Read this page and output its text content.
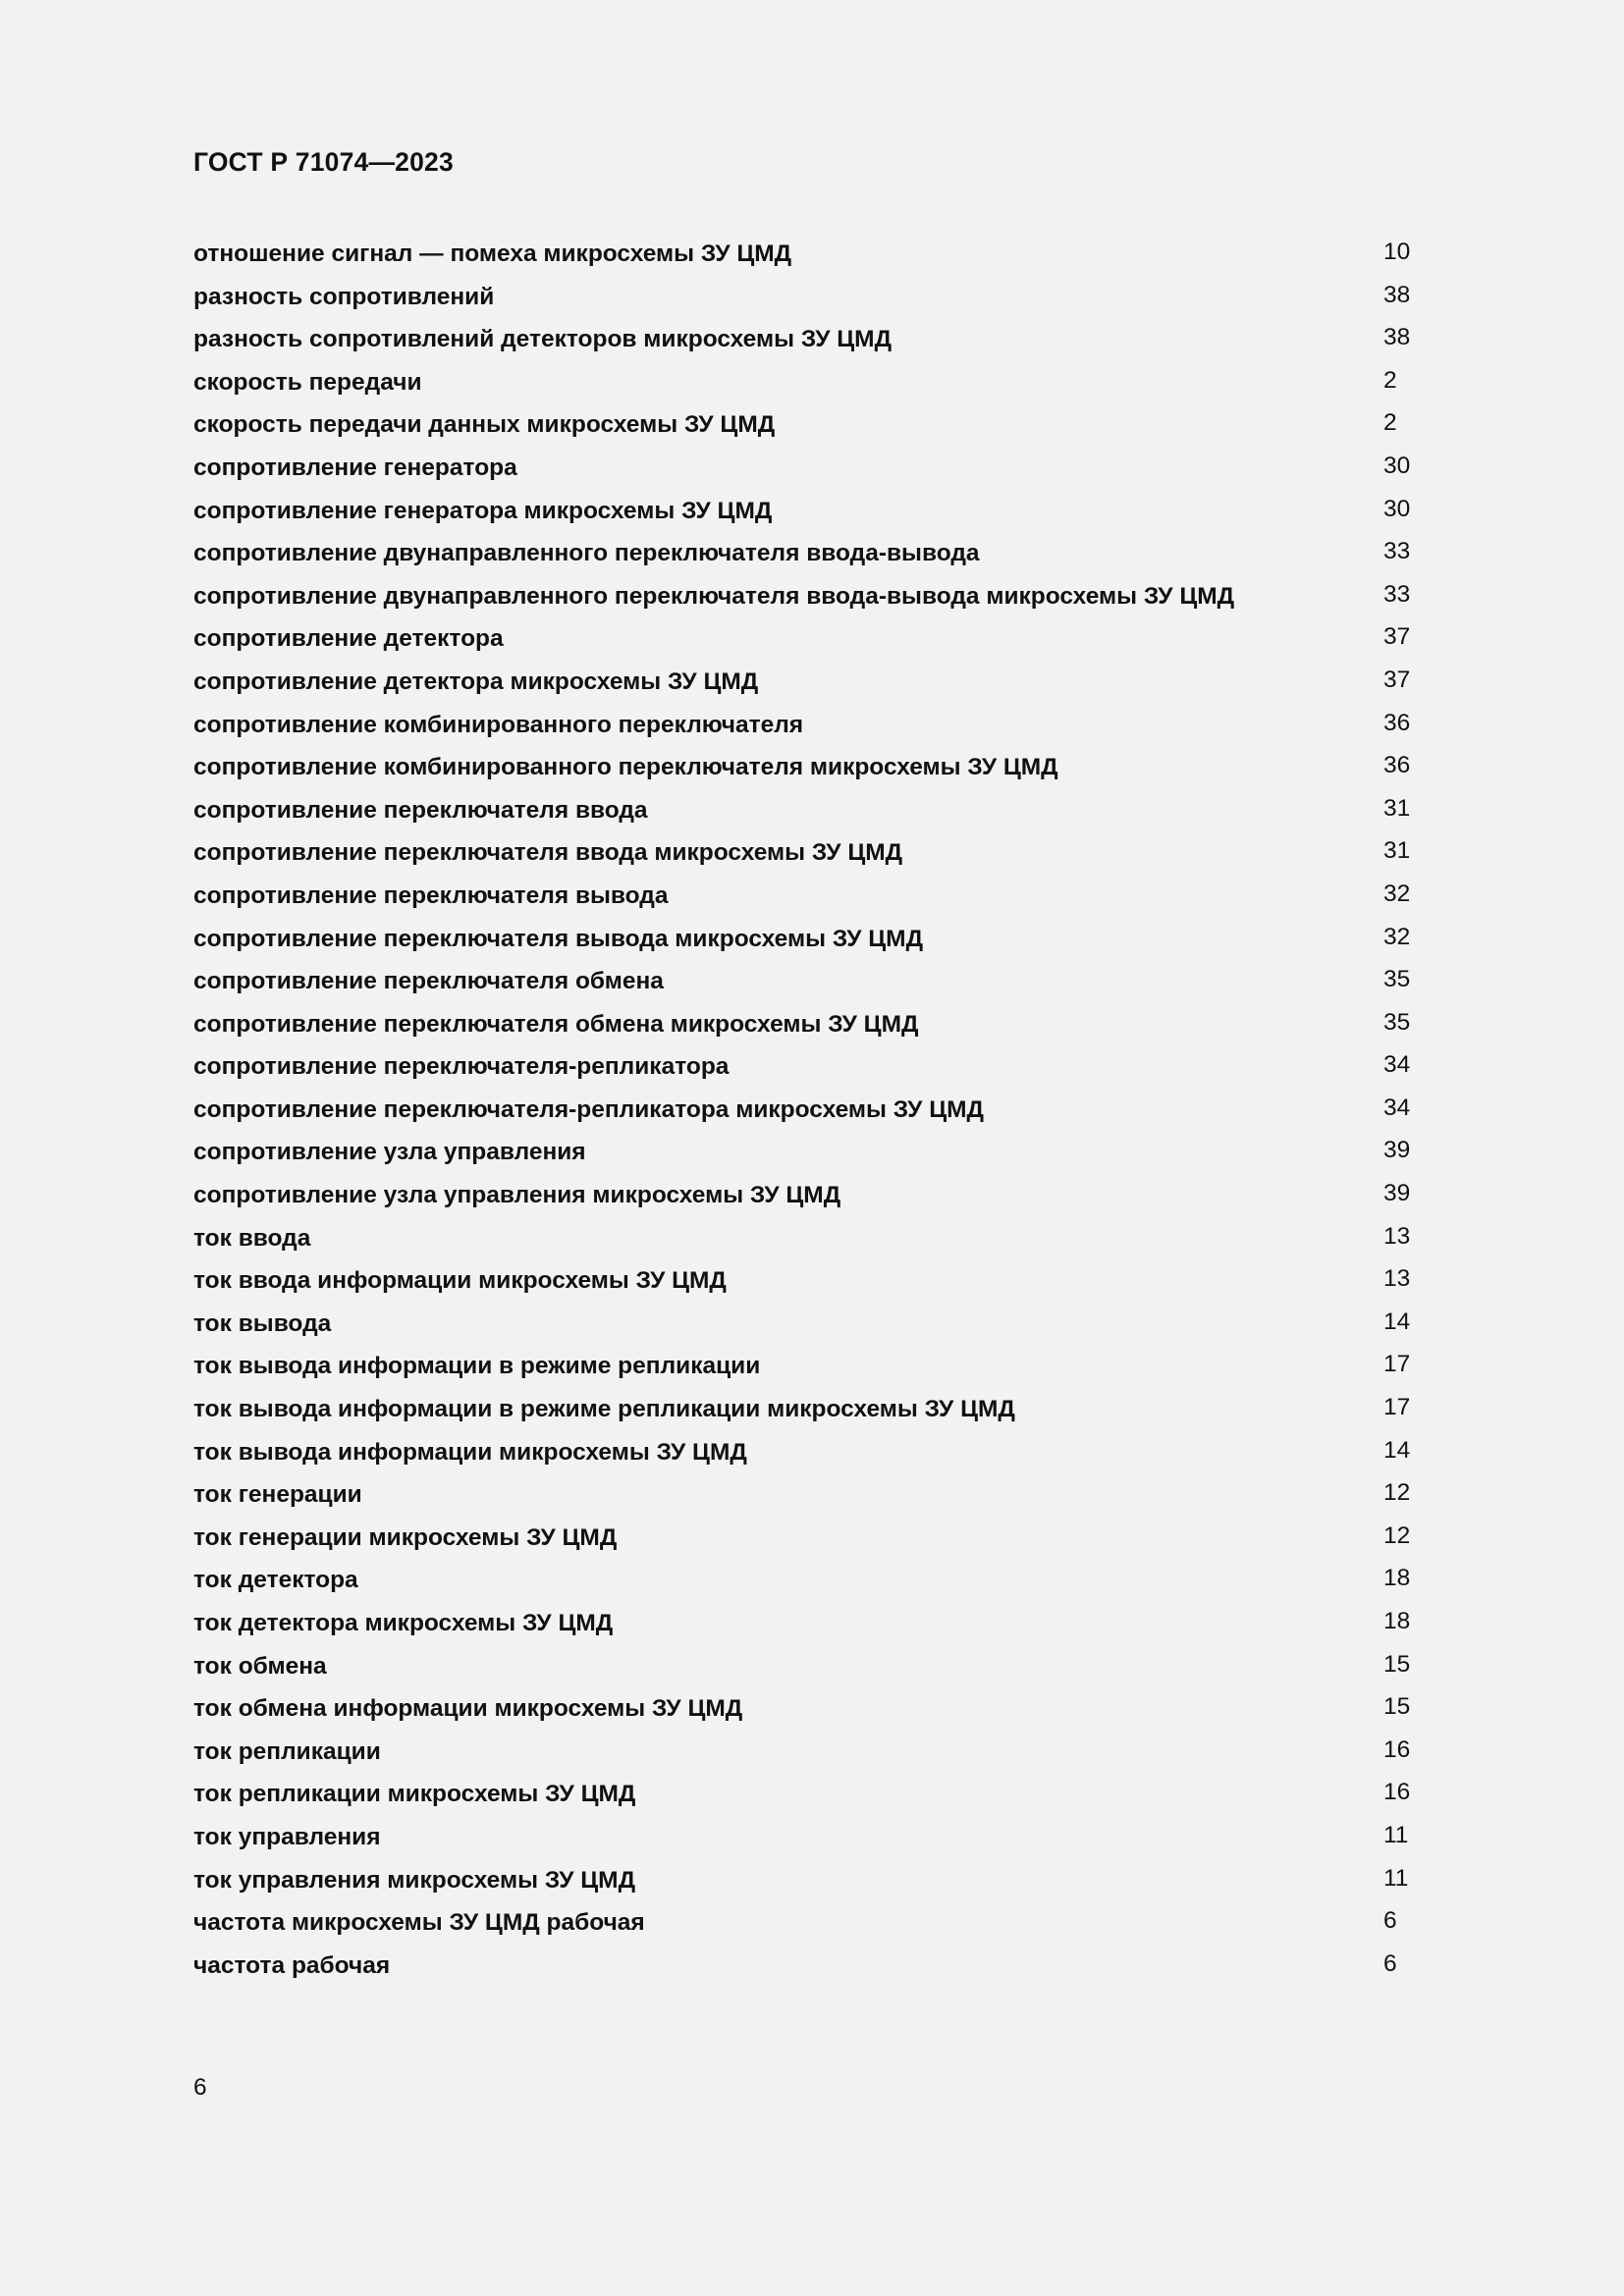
ГОСТ Р 71074—2023
отношение сигнал — помеха микросхемы ЗУ ЦМД	10
разность сопротивлений	38
разность сопротивлений детекторов микросхемы ЗУ ЦМД	38
скорость передачи	2
скорость передачи данных микросхемы ЗУ ЦМД	2
сопротивление генератора	30
сопротивление генератора микросхемы ЗУ ЦМД	30
сопротивление двунаправленного переключателя ввода-вывода	33
сопротивление двунаправленного переключателя ввода-вывода микросхемы ЗУ ЦМД	33
сопротивление детектора	37
сопротивление детектора микросхемы ЗУ ЦМД	37
сопротивление комбинированного переключателя	36
сопротивление комбинированного переключателя микросхемы ЗУ ЦМД	36
сопротивление переключателя ввода	31
сопротивление переключателя ввода микросхемы ЗУ ЦМД	31
сопротивление переключателя вывода	32
сопротивление переключателя вывода микросхемы ЗУ ЦМД	32
сопротивление переключателя обмена	35
сопротивление переключателя обмена микросхемы ЗУ ЦМД	35
сопротивление переключателя-репликатора	34
сопротивление переключателя-репликатора микросхемы ЗУ ЦМД	34
сопротивление узла управления	39
сопротивление узла управления микросхемы ЗУ ЦМД	39
ток ввода	13
ток ввода информации микросхемы ЗУ ЦМД	13
ток вывода	14
ток вывода информации в режиме репликации	17
ток вывода информации в режиме репликации микросхемы ЗУ ЦМД	17
ток вывода информации микросхемы ЗУ ЦМД	14
ток генерации	12
ток генерации микросхемы ЗУ ЦМД	12
ток детектора	18
ток детектора микросхемы ЗУ ЦМД	18
ток обмена	15
ток обмена информации микросхемы ЗУ ЦМД	15
ток репликации	16
ток репликации микросхемы ЗУ ЦМД	16
ток управления	11
ток управления микросхемы ЗУ ЦМД	11
частота микросхемы ЗУ ЦМД рабочая	6
частота рабочая	6
6
